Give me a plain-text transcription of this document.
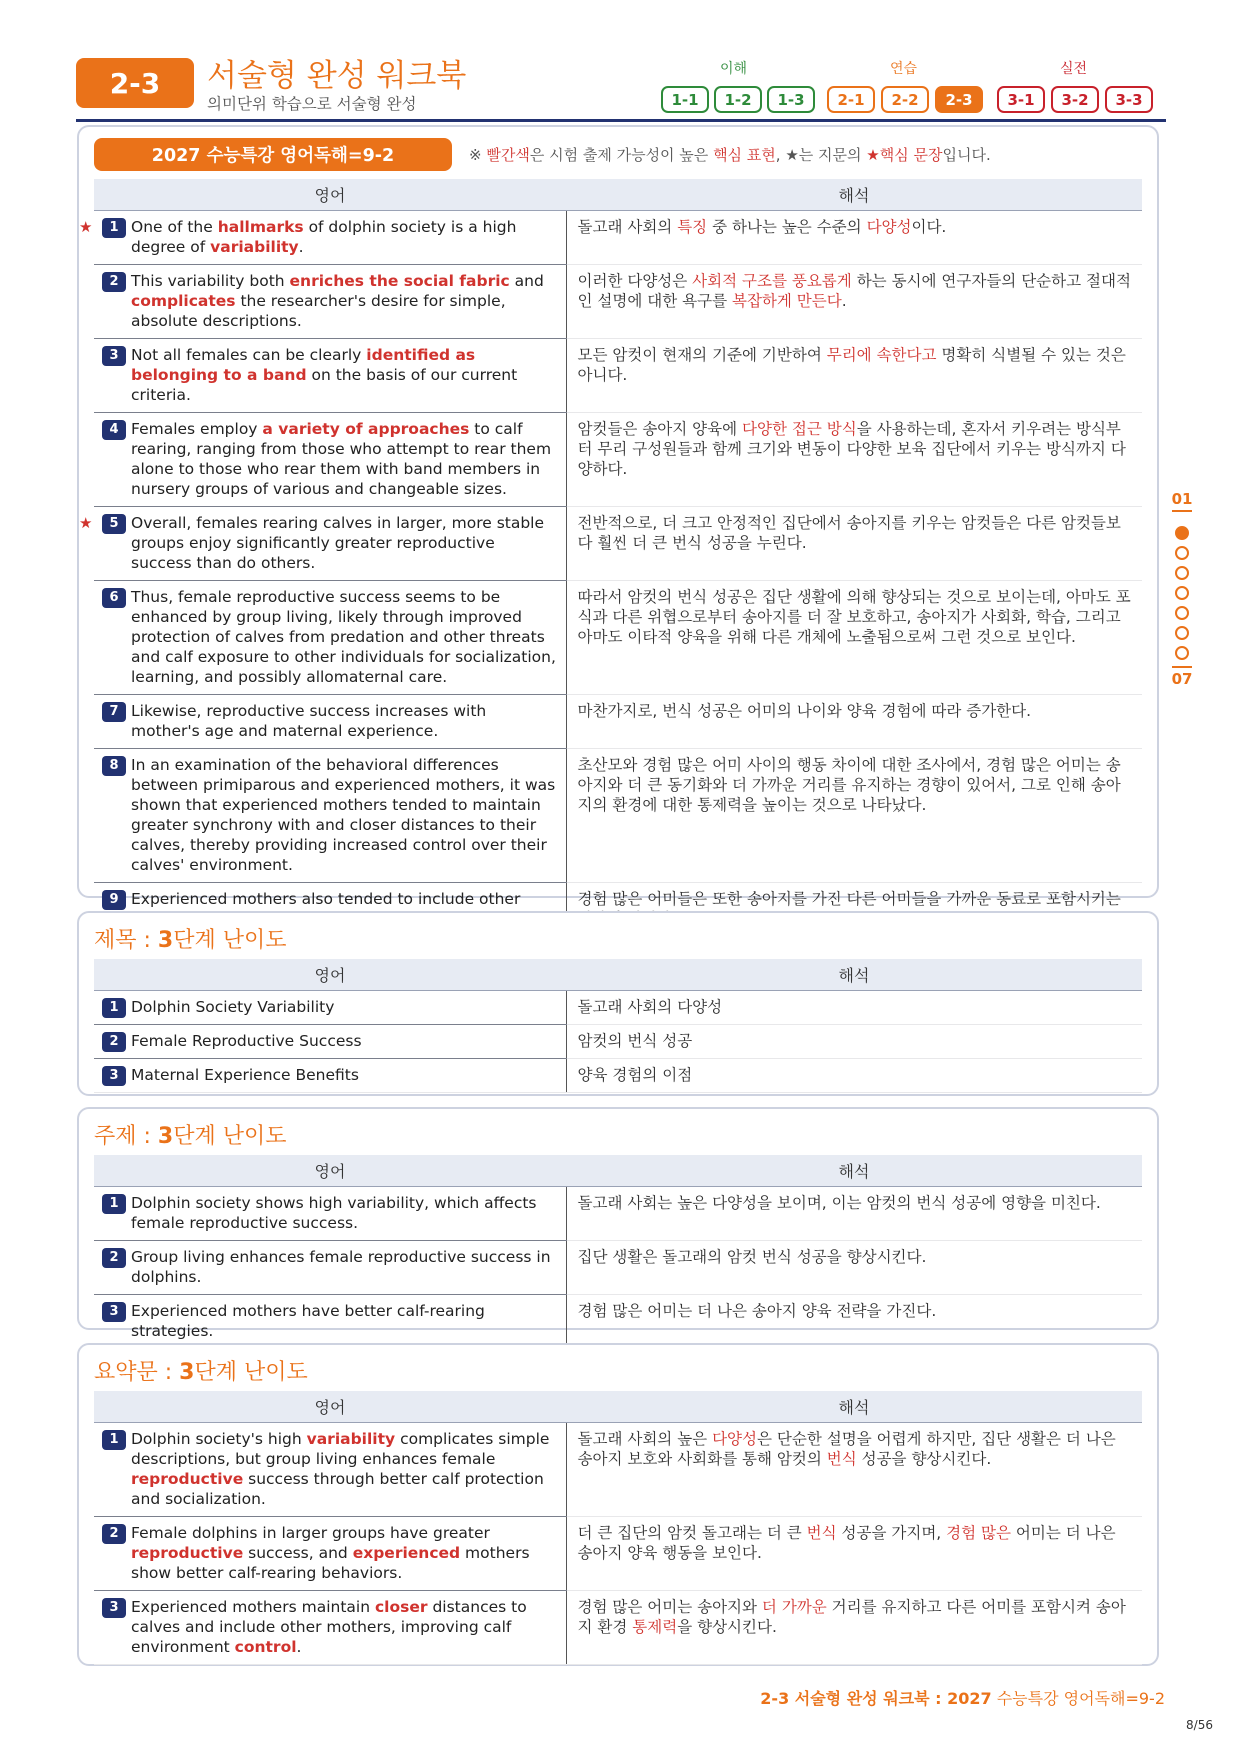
2-3	서술형 완성 워크북
의미단위 학습으로 서술형 완성
이해	연습	실전
1-1	1-2	1-3	2-1	2-2	2-3	3-1	3-2	3-3
2027 수능특강 영어독해=9-2	※ 빨간색은 시험 출제 가능성이 높은 핵심 표현, ★는 지문의 ★핵심 문장입니다.
영어	해석

★ 1 One of the hallmarks of dolphin society is a high degree of variability.	돌고래 사회의 특징 중 하나는 높은 수준의 다양성이다.

2 This variability both enriches the social fabric and complicates the researcher's desire for simple, absolute descriptions.	이러한 다양성은 사회적 구조를 풍요롭게 하는 동시에 연구자들의 단순하고 절대적인 설명에 대한 욕구를 복잡하게 만든다.

3 Not all females can be clearly identified as belonging to a band on the basis of our current criteria.	모든 암컷이 현재의 기준에 기반하여 무리에 속한다고 명확히 식별될 수 있는 것은 아니다.

4 Females employ a variety of approaches to calf rearing, ranging from those who attempt to rear them alone to those who rear them with band members in nursery groups of various and changeable sizes.	암컷들은 송아지 양육에 다양한 접근 방식을 사용하는데, 혼자서 키우려는 방식부터 무리 구성원들과 함께 크기와 변동이 다양한 보육 집단에서 키우는 방식까지 다양하다.

★ 5 Overall, females rearing calves in larger, more stable groups enjoy significantly greater reproductive success than do others.	전반적으로, 더 크고 안정적인 집단에서 송아지를 키우는 암컷들은 다른 암컷들보다 훨씬 더 큰 번식 성공을 누린다.

6 Thus, female reproductive success seems to be enhanced by group living, likely through improved protection of calves from predation and other threats and calf exposure to other individuals for socialization, learning, and possibly allomaternal care.	따라서 암컷의 번식 성공은 집단 생활에 의해 향상되는 것으로 보이는데, 아마도 포식과 다른 위협으로부터 송아지를 더 잘 보호하고, 송아지가 사회화, 학습, 그리고 아마도 이타적 양육을 위해 다른 개체에 노출됨으로써 그런 것으로 보인다.

7 Likewise, reproductive success increases with mother's age and maternal experience.	마찬가지로, 번식 성공은 어미의 나이와 양육 경험에 따라 증가한다.

8 In an examination of the behavioral differences between primiparous and experienced mothers, it was shown that experienced mothers tended to maintain greater synchrony with and closer distances to their calves, thereby providing increased control over their calves' environment.	초산모와 경험 많은 어미 사이의 행동 차이에 대한 조사에서, 경험 많은 어미는 송아지와 더 큰 동기화와 더 가까운 거리를 유지하는 경향이 있어서, 그로 인해 송아지의 환경에 대한 통제력을 높이는 것으로 나타났다.

9 Experienced mothers also tended to include other	경험 많은 어미들은 또한 송아지를 가진 다른 어미들을 가까운 동료로 포함시키는
제목 : 3단계 난이도
영어	해석

1 Dolphin Society Variability	돌고래 사회의 다양성

2 Female Reproductive Success	암컷의 번식 성공

3 Maternal Experience Benefits	양육 경험의 이점
주제 : 3단계 난이도
영어	해석

1 Dolphin society shows high variability, which affects female reproductive success.	돌고래 사회는 높은 다양성을 보이며, 이는 암컷의 번식 성공에 영향을 미친다.

2 Group living enhances female reproductive success in dolphins.	집단 생활은 돌고래의 암컷 번식 성공을 향상시킨다.

3 Experienced mothers have better calf-rearing strategies.	경험 많은 어미는 더 나은 송아지 양육 전략을 가진다.
요약문 : 3단계 난이도
영어	해석

1 Dolphin society's high variability complicates simple descriptions, but group living enhances female reproductive success through better calf protection and socialization.	돌고래 사회의 높은 다양성은 단순한 설명을 어렵게 하지만, 집단 생활은 더 나은 송아지 보호와 사회화를 통해 암컷의 번식 성공을 향상시킨다.

2 Female dolphins in larger groups have greater reproductive success, and experienced mothers show better calf-rearing behaviors.	더 큰 집단의 암컷 돌고래는 더 큰 번식 성공을 가지며, 경험 많은 어미는 더 나은 송아지 양육 행동을 보인다.

3 Experienced mothers maintain closer distances to calves and include other mothers, improving calf environment control.	경험 많은 어미는 송아지와 더 가까운 거리를 유지하고 다른 어미를 포함시켜 송아지 환경 통제력을 향상시킨다.
01
07
2-3 서술형 완성 워크북 : 2027 수능특강 영어독해=9-2
8/56
